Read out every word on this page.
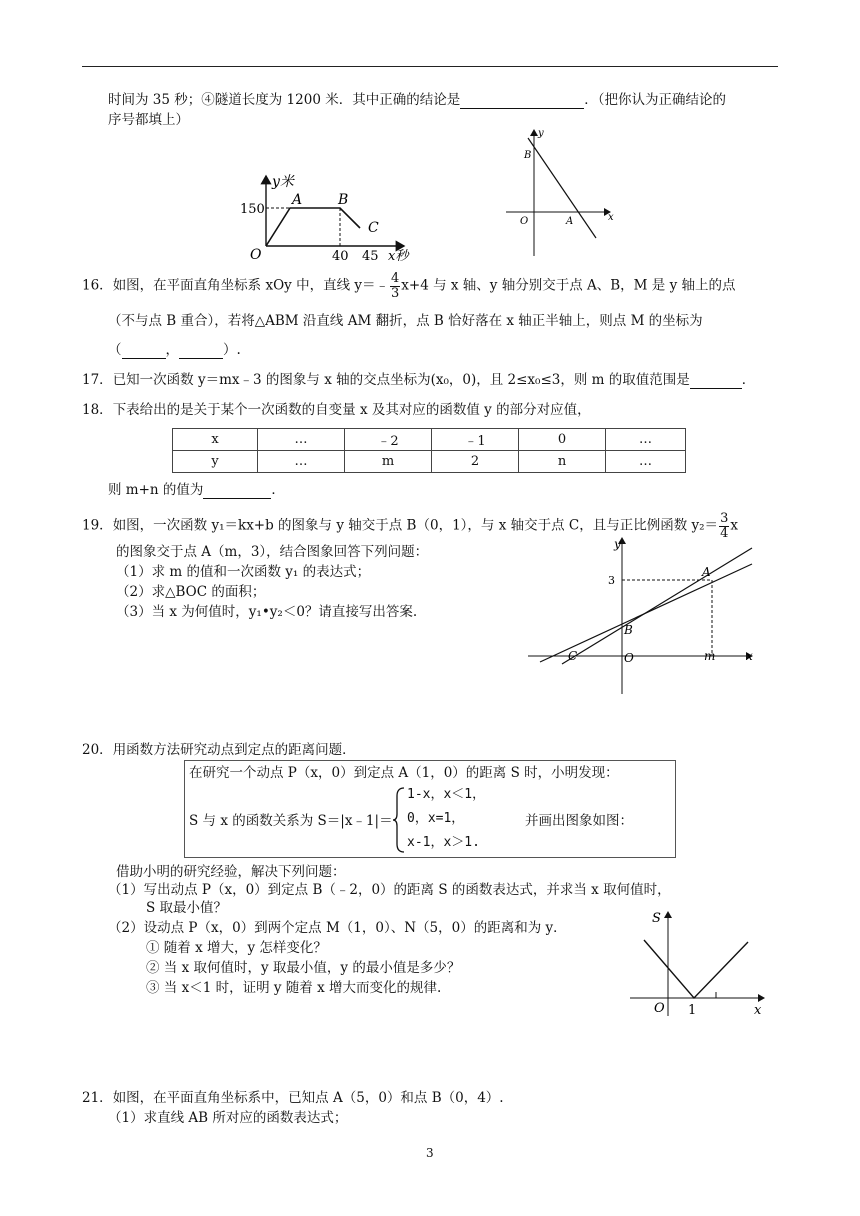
时间为 35 秒；④隧道长度为 1200 米．其中正确的结论是	．（把你认为正确结论的
序号都填上）
y米
150
A	B
C
O	40 45 x秒
y
B
O	A	x
16．如图，在平面直角坐标系 xOy 中，直线 y＝﹣ $\frac{4}{3} x+4$ 与 x 轴、y 轴分别交于点 A、B，M 是 y 轴上的点
（不与点 B 重合），若将△ABM 沿直线 AM 翻折，点 B 恰好落在 x 轴正半轴上，则点 M 的坐标为
（	，	）.
17．已知一次函数 y＝mx﹣3 的图象与 x 轴的交点坐标为(x₀，0)，且 2≤x₀≤3，则 m 的取值范围是	．
18．下表给出的是关于某个一次函数的自变量 x 及其对应的函数值 y 的部分对应值，
x	…	﹣2	﹣1	0	…
y	…	m	2	n	…
则 m+n 的值为	．
19．如图，一次函数 y₁＝kx+b 的图象与 y 轴交于点 B（0，1），与 x 轴交于点 C，且与正比例函数 $y_2= \frac{3}{4}$ x
的图象交于点 A（m，3），结合图象回答下列问题：
（1）求 m 的值和一次函数 y₁ 的表达式；
（2）求△BOC 的面积；
（3）当 x 为何值时，y₁•y₂＜0？请直接写出答案.
y
3
A
B
C	O	m	x
20．用函数方法研究动点到定点的距离问题．
在研究一个动点 P（x，0）到定点 A（1，0）的距离 S 时，小明发现：
S 与 x 的函数关系为 S＝|x﹣1|＝
1-x，x＜1，
0，x=1，
x-1，x＞1.
并画出图象如图：
借助小明的研究经验，解决下列问题：
（1）写出动点 P（x，0）到定点 B（﹣2，0）的距离 S 的函数表达式，并求当 x 取何值时，
S 取最小值？
（2）设动点 P（x，0）到两个定点 M（1，0）、N（5，0）的距离和为 y．
① 随着 x 增大，y 怎样变化？
② 当 x 取何值时，y 取最小值，y 的最小值是多少？
③ 当 x＜1 时，证明 y 随着 x 增大而变化的规律.
S
O 1	x
21．如图，在平面直角坐标系中，已知点 A（5，0）和点 B（0，4）.
（1）求直线 AB 所对应的函数表达式；
3
